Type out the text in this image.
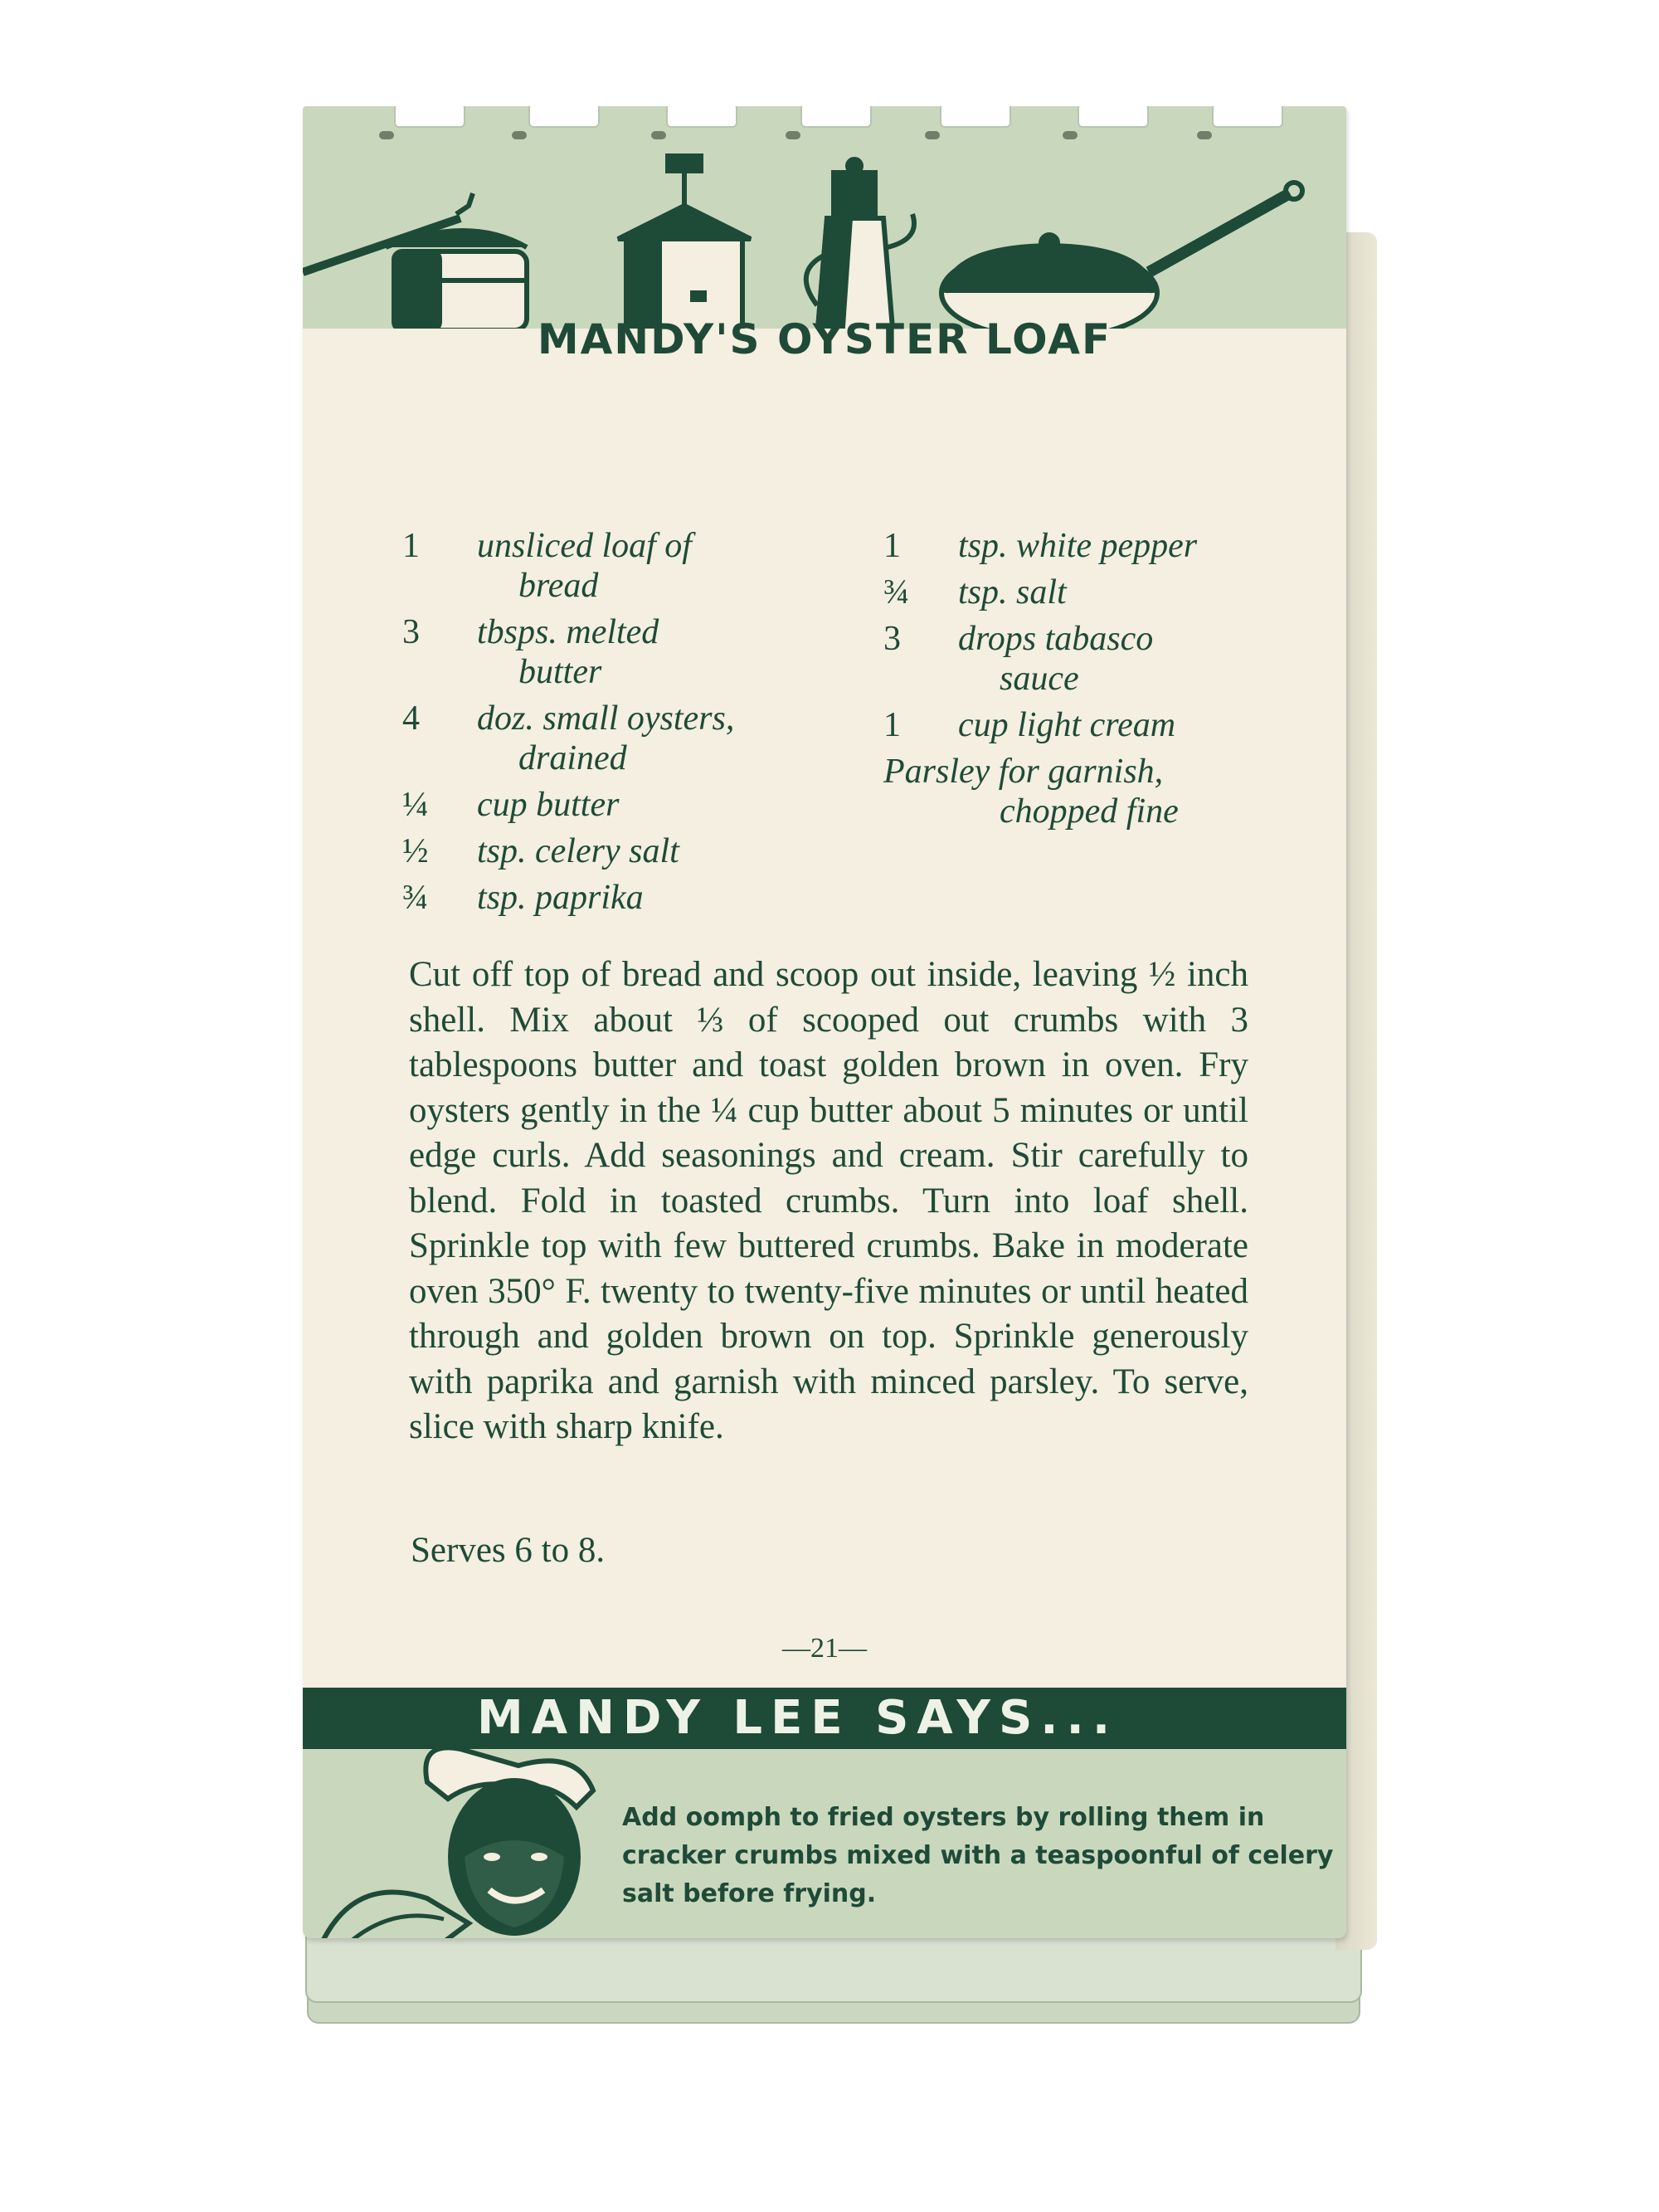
MANDY'S OYSTER LOAF
1	unsliced loaf of
bread
3	tbsps. melted
butter
4	doz. small oysters,
drained
¼	cup butter
½	tsp. celery salt
¾	tsp. paprika
1	tsp. white pepper
¾	tsp. salt
3	drops tabasco
sauce
1	cup light cream
Parsley for garnish,
chopped fine

Cut off top of bread and scoop out inside, leaving ½ inch shell. Mix about ⅓ of scooped out crumbs with 3 tablespoons butter and toast golden brown in oven. Fry oysters gently in the ¼ cup butter about 5 minutes or until edge curls. Add seasonings and cream. Stir carefully to blend. Fold in toasted crumbs. Turn into loaf shell. Sprinkle top with few buttered crumbs. Bake in moderate oven 350° F. twenty to twenty-five minutes or until heated through and golden brown on top. Sprinkle generously with paprika and garnish with minced parsley. To serve, slice with sharp knife.

Serves 6 to 8.

—21—

MANDY LEE SAYS...

Add oomph to fried oysters by rolling them in cracker crumbs mixed with a teaspoonful of celery salt before frying.
